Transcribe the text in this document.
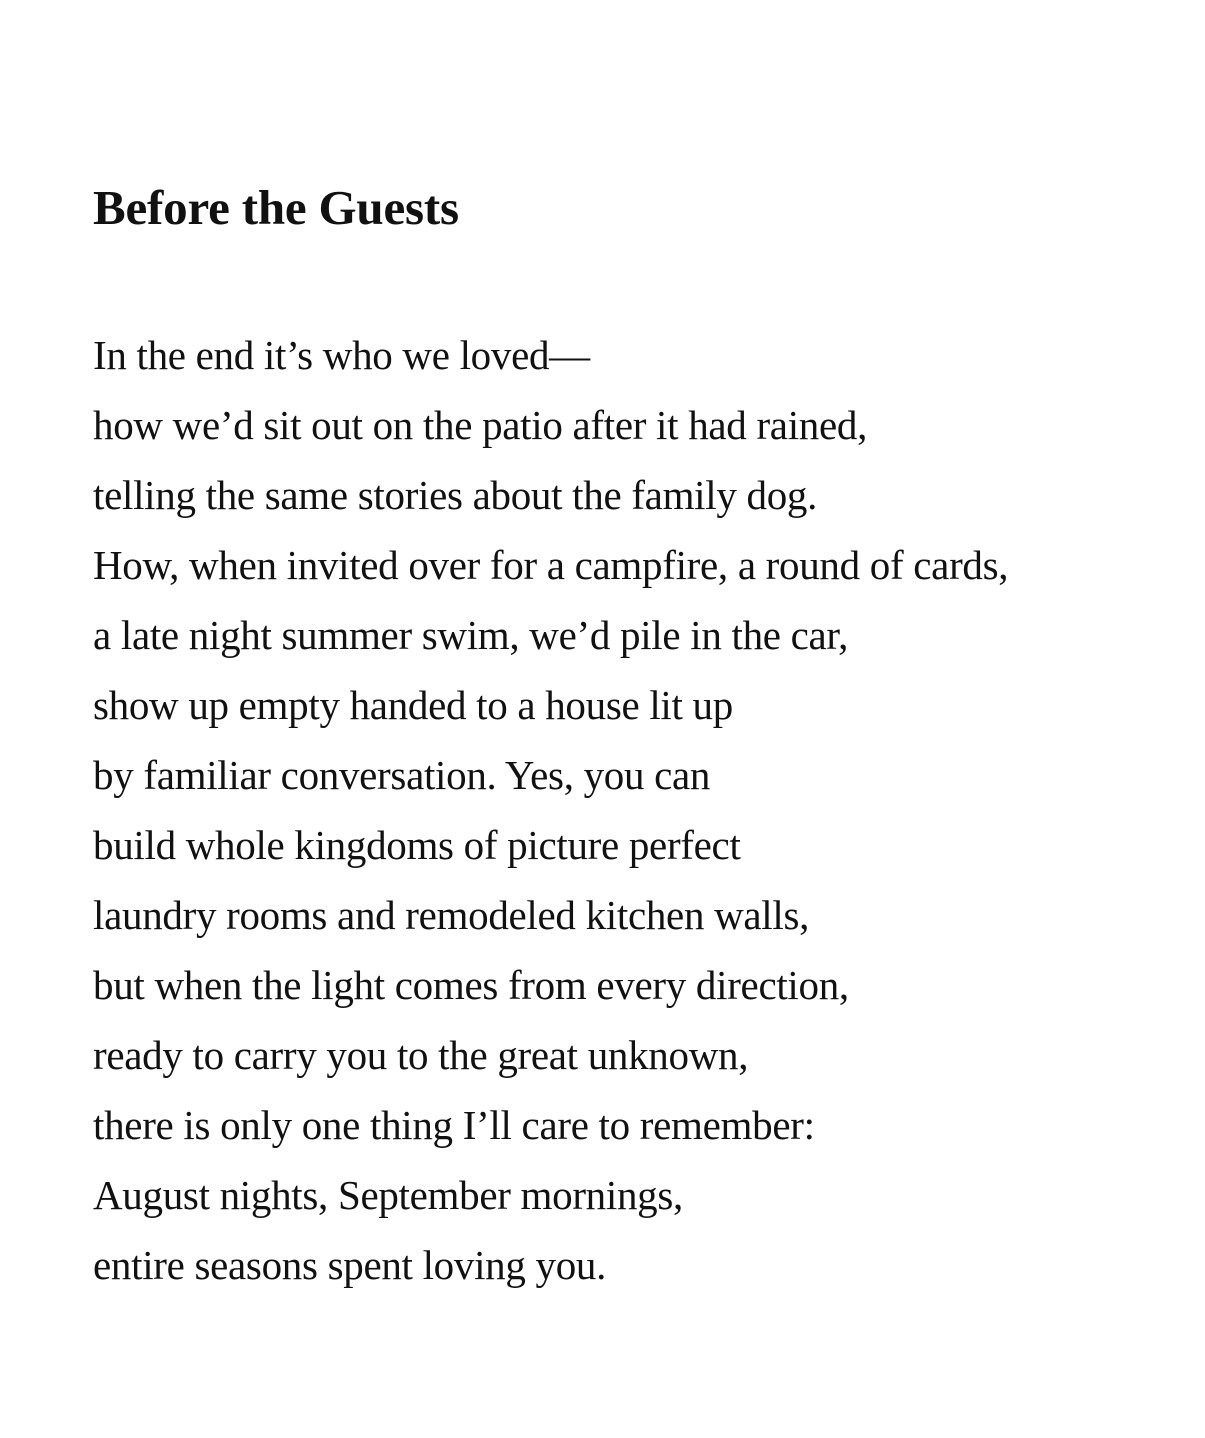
Before the Guests
In the end it’s who we loved—
how we’d sit out on the patio after it had rained,
telling the same stories about the family dog.
How, when invited over for a campfire, a round of cards,
a late night summer swim, we’d pile in the car,
show up empty handed to a house lit up
by familiar conversation. Yes, you can
build whole kingdoms of picture perfect
laundry rooms and remodeled kitchen walls,
but when the light comes from every direction,
ready to carry you to the great unknown,
there is only one thing I’ll care to remember:
August nights, September mornings,
entire seasons spent loving you.
